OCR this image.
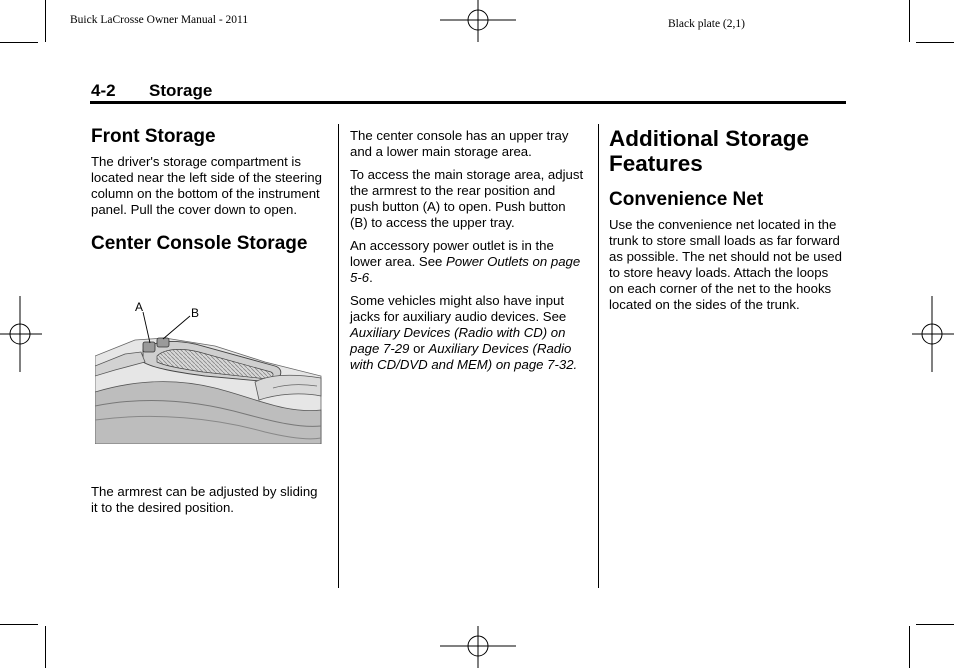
Buick LaCrosse Owner Manual - 2011	Black plate (2,1)
4-2 Storage
Front Storage

The driver's storage compartment is located near the left side of the steering column on the bottom of the instrument panel. Pull the cover down to open.

Center Console Storage
A	B

The armrest can be adjusted by sliding it to the desired position.

The center console has an upper tray and a lower main storage area.

To access the main storage area, adjust the armrest to the rear position and push button (A) to open. Push button (B) to access the upper tray.

An accessory power outlet is in the lower area. See Power Outlets on page 5-6.

Some vehicles might also have input jacks for auxiliary audio devices. See Auxiliary Devices (Radio with CD) on page 7-29 or Auxiliary Devices (Radio with CD/DVD and MEM) on page 7-32.

Additional Storage Features
Convenience Net

Use the convenience net located in the trunk to store small loads as far forward as possible. The net should not be used to store heavy loads. Attach the loops on each corner of the net to the hooks located on the sides of the trunk.
